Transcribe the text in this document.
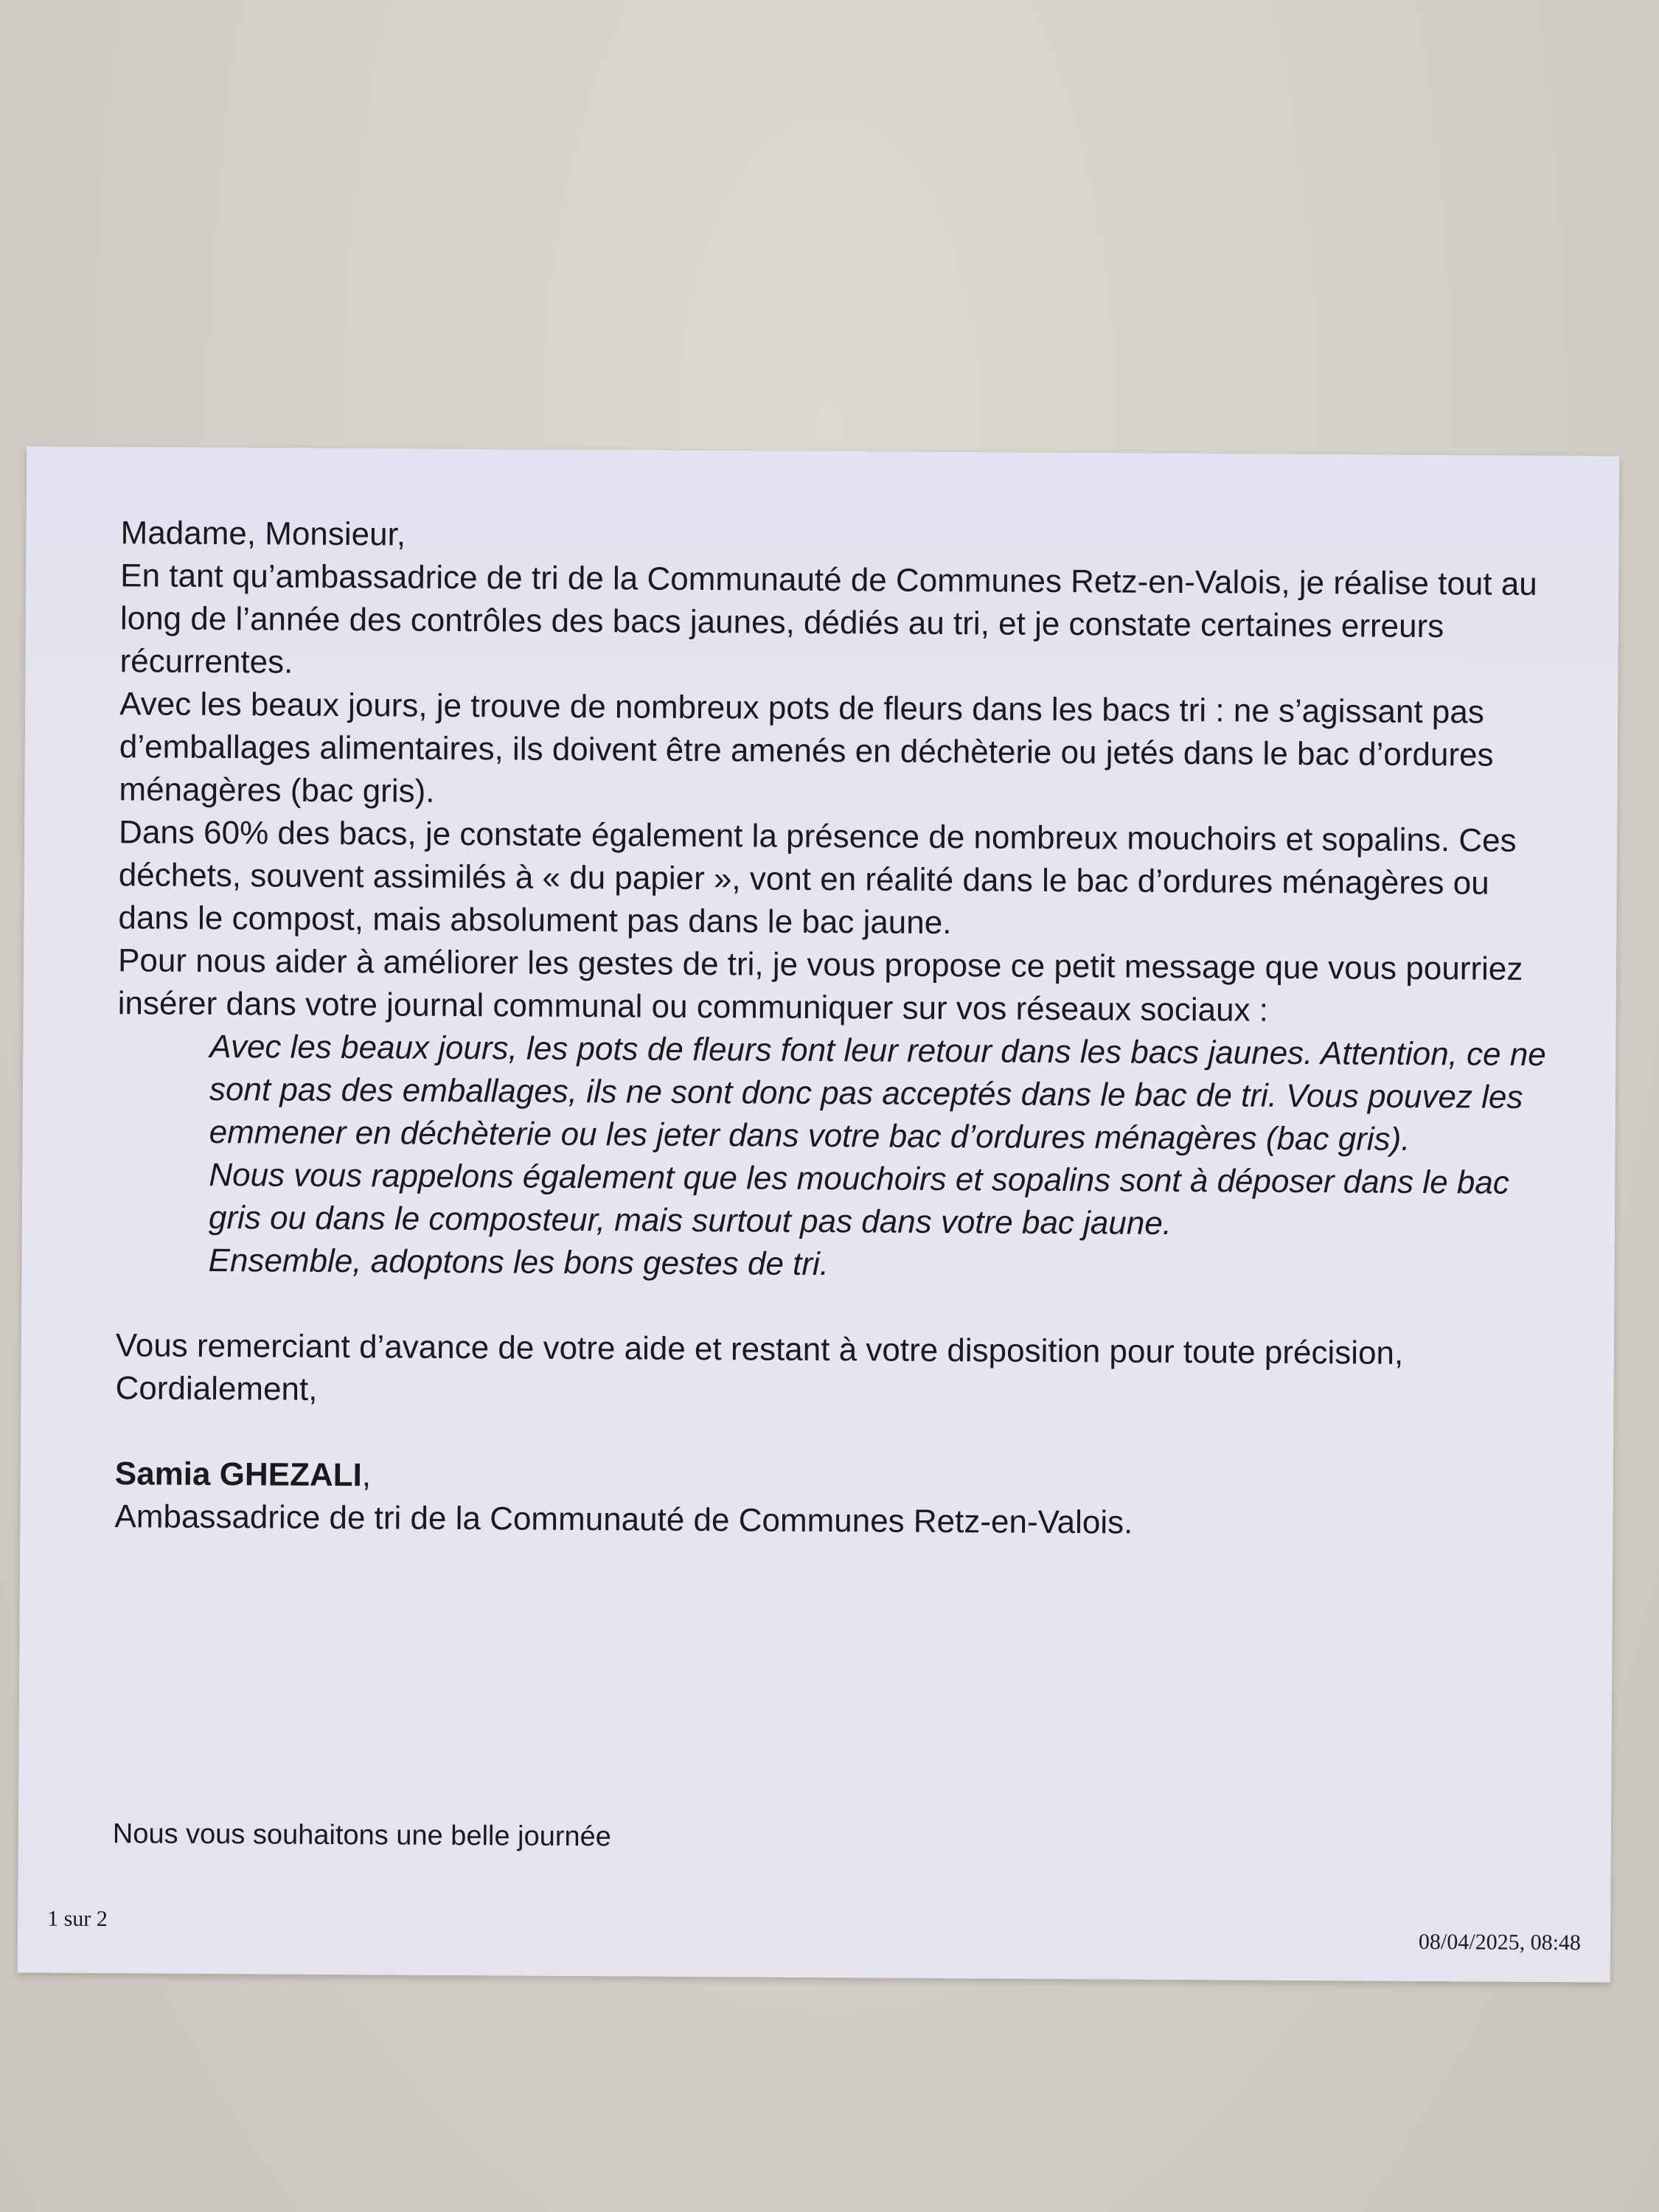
Madame, Monsieur,

En tant qu’ambassadrice de tri de la Communauté de Communes Retz-en-Valois, je réalise tout au long de l’année des contrôles des bacs jaunes, dédiés au tri, et je constate certaines erreurs récurrentes.

Avec les beaux jours, je trouve de nombreux pots de fleurs dans les bacs tri : ne s’agissant pas d’emballages alimentaires, ils doivent être amenés en déchèterie ou jetés dans le bac d’ordures ménagères (bac gris).

Dans 60% des bacs, je constate également la présence de nombreux mouchoirs et sopalins. Ces déchets, souvent assimilés à « du papier », vont en réalité dans le bac d’ordures ménagères ou dans le compost, mais absolument pas dans le bac jaune.

Pour nous aider à améliorer les gestes de tri, je vous propose ce petit message que vous pourriez insérer dans votre journal communal ou communiquer sur vos réseaux sociaux :

Avec les beaux jours, les pots de fleurs font leur retour dans les bacs jaunes. Attention, ce ne sont pas des emballages, ils ne sont donc pas acceptés dans le bac de tri. Vous pouvez les emmener en déchèterie ou les jeter dans votre bac d’ordures ménagères (bac gris).

Nous vous rappelons également que les mouchoirs et sopalins sont à déposer dans le bac gris ou dans le composteur, mais surtout pas dans votre bac jaune.

Ensemble, adoptons les bons gestes de tri.

Vous remerciant d’avance de votre aide et restant à votre disposition pour toute précision,

Cordialement,

Samia GHEZALI,

Ambassadrice de tri de la Communauté de Communes Retz-en-Valois.

Nous vous souhaitons une belle journée
1 sur 2
08/04/2025, 08:48
